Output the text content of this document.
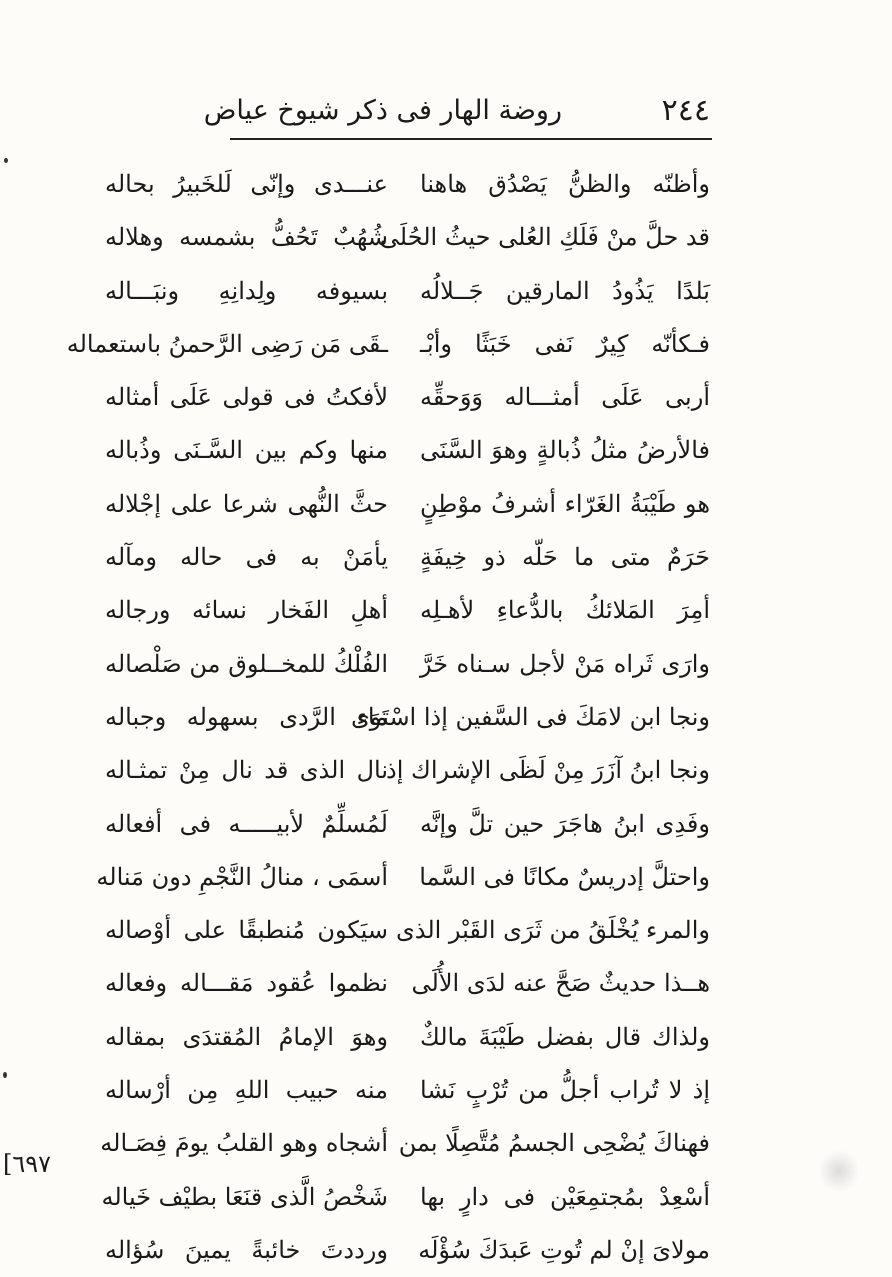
٢٤٤
روضة الهار فى ذكر شيوخ عياض
وأظنّه والظنُّ يَصْدُق هاهنا
عنـــدى وإنّى لَلخَبيرُ بحاله
قد حلَّ منْ فَلَكِ العُلى حيثُ الحُلَى
شُهُبٌ تَحُفُّ بشمسه وهلاله
بَلدًا يَذُودُ المارقين جَــلالُه
بسيوفه ولِدانِهِ ونبَـــاله
فـكأنّه كِيرٌ نَفى خَبَثًا وأبْـ
ـقَى مَن رَضِى الرَّحمنُ باستعماله
أربى عَلَى أمثـــاله وَوَحقِّه
لأفكتُ فى قولى عَلَى أمثاله
فالأرضُ مثلُ ذُبالةٍ وهوَ السَّنَى
منها وكم بين السَّـنَى وذُباله
هو طَيْبَةُ الغَرّاء أشرفُ موْطِنٍ
حثَّ النُّهى شرعا على إجْلاله
حَرَمٌ متى ما حَلّه ذو خِيفَةٍ
يأمَنْ به فى حاله ومآله
أمِرَ المَلائكُ بالدُّعاءِ لأهـلِه
أهلِ الفَخار نسائه ورجاله
وارَى ثَراه مَنْ لأجل سـناه خَرَّ
الفُلْكُ للمخــلوق من صَلْصاله
ونجا ابن لامَكَ فى السَّفين إذا اسْتَوَى
ماء الرَّدى بسهوله وجباله
ونجا ابنُ آزَرَ مِنْ لَظَى الإشراك إذ
نال الذى قد نال مِنْ تمثـاله
وفَدِى ابنُ هاجَرَ حين تلَّ وإنَّه
لَمُسلِّمٌ لأبيـــــه فى أفعاله
واحتلَّ إدريسٌ مكانًا فى السَّما
أسمَى ، منالُ النَّجْمِ دون مَناله
والمرء يُخْلَقُ من ثَرَى القَبْر الذى
سيَكون مُنطبقًا على أوْصاله
هــذا حديثٌ صَحَّ عنه لدَى الأُلَى
نظموا عُقود مَقـــاله وفعاله
ولذاك قال بفضل طَيْبَةَ مالكٌ
وهوَ الإمامُ المُقتدَى بمقاله
إذ لا تُراب أجلُّ من تُرْبٍ نَشا
منه حبيب اللهِ مِن أرْساله
فهناكَ يُضْحِى الجسمُ مُتَّصِلًا بمن
أشجاه وهو القلبُ يومَ فِصَـاله
أسْعِدْ بمُجتمِعَيْن فى دارٍ بها
شَخْصُ الَّذى قنَعَا بطيْف خَياله
مولاىَ إنْ لم تُوتِ عَبدَكَ سُؤْلَه
ورددتَ خائبةً يمينَ سُؤاله
[٦٩٧
